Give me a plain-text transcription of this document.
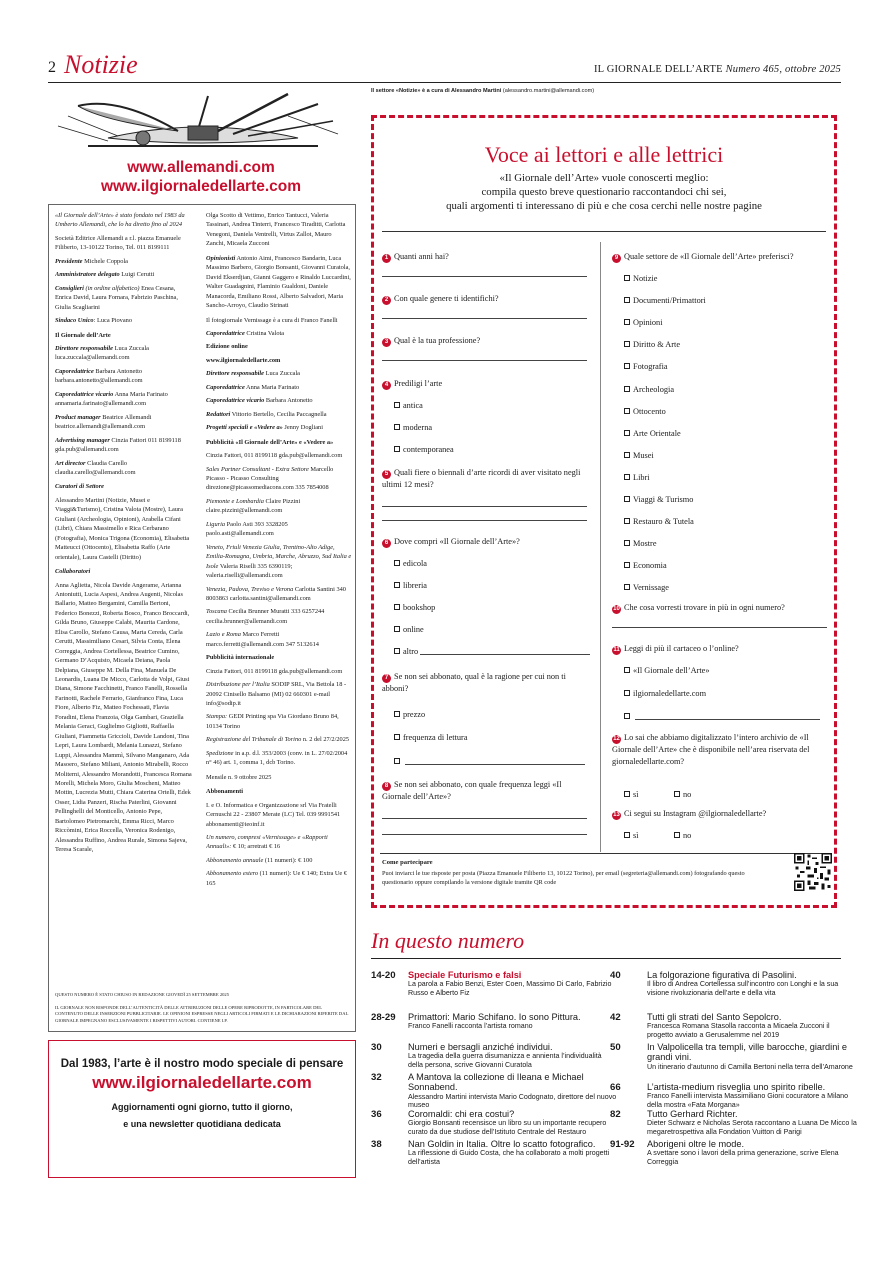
2 Notizie	IL GIORNALE DELL’ARTE Numero 465, ottobre 2025
Il settore «Notizie» è a cura di Alessandro Martini (alessandro.martini@allemandi.com)
www.allemandi.com
www.ilgiornaledellarte.com

«Il Giornale dell’Arte» è stato fondato nel 1983 da Umberto Allemandi, che lo ha diretto fino al 2024

Società Editrice Allemandi a r.l. piazza Emanuele Filiberto, 13-10122 Torino, Tel. 011 8199111

Presidente Michele Coppola

Amministratore delegato Luigi Cerutti

Consiglieri (in ordine alfabetico) Enea Cesana, Enrica David, Laura Fornara, Fabrizio Paschina, Giulia Scagliarini

Sindaco Unico: Luca Piovano

Il Giornale dell’Arte

Direttore responsabile Luca Zuccala luca.zuccala@allemandi.com

Caporedattrice Barbara Antonetto barbara.antonetto@allemandi.com

Caporedattrice vicario Anna Maria Farinato annamaria.farinato@allemandi.com

Product manager Beatrice Allemandi beatrice.allemandi@allemandi.com

Advertising manager Cinzia Fattori 011 8199118 gda.pub@allemandi.com

Art director Claudia Carello claudia.carello@allemandi.com

Curatori di Settore

Alessandro Martini (Notizie, Musei e Viaggi&Turismo), Cristina Valota (Mostre), Laura Giuliani (Archeologia, Opinioni), Arabella Cifani (Libri), Chiara Massimello e Rica Cerbarano (Fotografia), Monica Trigona (Economia), Elisabetta Matteucci (Ottocento), Elisabetta Raffo (Arte orientale), Laura Castelli (Diritto)

Collaboratori

Anna Aglietta, Nicola Davide Angerame, Arianna Antoniutti, Lucia Aspesi, Andrea Augenti, Nicolas Ballario, Matteo Bergamini, Camilla Bertoni, Federico Bonezzi, Roberta Bosco, Franco Broccardi, Gilda Bruno, Giuseppe Calabi, Maurita Cardone, Elisa Carollo, Stefano Causa, Marta Cereda, Carla Cerutti, Massimiliano Cesari, Silvia Conta, Elena Correggia, Andrea Cortellessa, Beatrice Cumino, Germano D’Acquisto, Micaela Deiana, Paola Delpiana, Giuseppe M. Della Fina, Manuela De Leonardis, Luana De Micco, Carlotta de Volpi, Giusi Diana, Simone Facchinetti, Franco Fanelli, Rossella Farinotti, Rachele Ferrario, Gianfranco Fina, Luca Fiore, Alberto Fiz, Matteo Fochessati, Flavia Foradini, Elena Franzoia, Olga Gambari, Graziella Melania Geraci, Guglielmo Gigliotti, Raffaella Giuliani, Fiammetta Griccioli, Davide Landoni, Tina Lepri, Laura Lombardi, Melania Lunazzi, Stefano Luppi, Alessandra Mammì, Silvano Manganaro, Ada Masoero, Stefano Miliani, Antonio Mirabelli, Rocco Moliterni, Alessandro Morandotti, Francesca Romana Morelli, Michela Moro, Giulia Moscheni, Matteo Mottin, Lucrezia Mutti, Chiara Caterina Ortelli, Edek Osser, Lidia Panzeri, Rischa Paterlini, Giovanni Pellinghelli del Monticello, Antonio Pepe, Bartolomeo Pietromarchi, Emma Ricci, Marco Riccòmini, Erica Roccella, Veronica Rodenigo, Alessandra Ruffino, Andrea Rurale, Simona Sajeva, Teresa Scarale,

Olga Scotto di Vettimo, Enrico Tantucci, Valeria Tassinari, Andrea Tinterri, Francesco Tiraditti, Carlotta Venegoni, Daniela Ventrelli, Virtus Zallot, Mauro Zanchi, Micaela Zucconi

Opinionisti Antonio Aimi, Francesco Bandarin, Luca Massimo Barbero, Giorgio Bonsanti, Giovanni Curatola, David Ekserdjian, Gianni Gaggero e Rinaldo Luccardini, Walter Guadagnini, Flaminio Gualdoni, Daniele Manacorda, Emiliano Rossi, Alberto Salvadori, Maria Sancho-Arroyo, Claudio Strinati

Il fotogiornale Vernissage è a cura di Franco Fanelli

Caporedattrice Cristina Valota

Edizione online

www.ilgiornaledellarte.com

Direttore responsabile Luca Zuccala

Caporedattrice Anna Maria Farinato

Caporedattrice vicario Barbara Antonetto

Redattori Vittorio Bertello, Cecilia Paccagnella

Progetti speciali e «Vedere a» Jenny Dogliani

Pubblicità «Il Giornale dell’Arte» e «Vedere a»

Cinzia Fattori, 011 8199118 gda.pub@allemandi.com

Sales Partner Consultant - Extra Settore Marcello Picasso - Picasso Consulting direzione@picassomediacons.com 335 7854008

Piemonte e Lombardia Claire Pizzini claire.pizzini@allemandi.com

Liguria Paolo Asti 393 3328205 paolo.asti@allemandi.com

Veneto, Friuli Venezia Giulia, Trentino-Alto Adige, Emilia-Romagna, Umbria, Marche, Abruzzo, Sud Italia e Isole Valeria Riselli 335 6390119; valeria.riselli@allemandi.com

Venezia, Padova, Treviso e Verona Carlotta Santini 340 8003863 carlotta.santini@allemandi.com

Toscana Cecilia Brunner Muratti 333 6257244 cecilia.brunner@allemandi.com

Lazio e Roma Marco Ferretti marco.ferretti@allemandi.com 347 5132614

Pubblicità internazionale

Cinzia Fattori, 011 8199118 gda.pub@allemandi.com

Distribuzione per l’Italia SODIP SRL, Via Bettola 18 - 20092 Cinisello Balsamo (MI) 02 660301 e-mail info@sodip.it

Stampa: GEDI Printing spa Via Giordano Bruno 84, 10134 Torino

Registrazione del Tribunale di Torino n. 2 del 27/2/2025

Spedizione in a.p. d.l. 353/2003 (conv. in L. 27/02/2004 n° 46) art. 1, comma 1, dcb Torino.

Mensile n. 9 ottobre 2025

Abbonamenti

I. e O. Informatica e Organizzazione srl Via Fratelli Cernuschi 22 - 23807 Merate (LC) Tel. 039 9991541 abbonamenti@ieoinf.it

Un numero, compresi «Vernissage» e «Rapporti Annuali»: € 10; arretrati € 16

Abbonamento annuale (11 numeri): € 100

Abbonamento estero (11 numeri): Ue € 140; Extra Ue € 165

QUESTO NUMERO È STATO CHIUSO IN REDAZIONE GIOVEDÌ 25 SETTEMBRE 2025
IL GIORNALE NON RISPONDE DELL’AUTENTICITÀ DELLE ATTRIBUZIONI DELLE OPERE RIPRODOTTE, IN PARTICOLARE DEL CONTENUTO DELLE INSERZIONI PUBBLICITARIE. LE OPINIONI ESPRESSE NEGLI ARTICOLI FIRMATI E LE DICHIARAZIONI RIFERITE DAL GIORNALE IMPEGNANO ESCLUSIVAMENTE I RISPETTIVI AUTORI. CONTIENE I.P.
Dal 1983, l’arte è il nostro modo speciale di pensare
www.ilgiornaledellarte.com
Aggiornamenti ogni giorno, tutto il giorno,
e una newsletter quotidiana dedicata
Voce ai lettori e alle lettrici
«Il Giornale dell’Arte» vuole conoscerti meglio:
compila questo breve questionario raccontandoci chi sei,
quali argomenti ti interessano di più e che cosa cerchi nelle nostre pagine
1 Quanti anni hai?
2 Con quale genere ti identifichi?
3 Qual è la tua professione?
4 Prediligi l’arte
antica
moderna
contemporanea
5 Quali fiere o biennali d’arte ricordi di aver visitato negli ultimi 12 mesi?
6 Dove compri «Il Giornale dell’Arte»?
edicola
libreria
bookshop
online
altro
7 Se non sei abbonato, qual è la ragione per cui non ti abboni?
prezzo
frequenza di lettura
8 Se non sei abbonato, con quale frequenza leggi «Il Giornale dell’Arte»?
9 Quale settore de «Il Giornale dell’Arte» preferisci?
Notizie
Documenti/Primattori
Opinioni
Diritto & Arte
Fotografia
Archeologia
Ottocento
Arte Orientale
Musei
Libri
Viaggi & Turismo
Restauro & Tutela
Mostre
Economia
Vernissage
10 Che cosa vorresti trovare in più in ogni numero?
11 Leggi di più il cartaceo o l’online?
«Il Giornale dell’Arte»
ilgiornaledellarte.com
12 Lo sai che abbiamo digitalizzato l’intero archivio de «Il Giornale dell’Arte» che è disponibile nell’area riservata del giornaledellarte.com?
sì	no
13 Ci segui su Instagram @ilgiornaledellarte?
sì	no
Come partecipare
Puoi inviarci le tue risposte per posta (Piazza Emanuele Filiberto 13, 10122 Torino), per email (segreteria@allemandi.com) fotografando questo questionario oppure compilando la versione digitale tramite QR code
In questo numero
14-20 Speciale Futurismo e falsi
La parola a Fabio Benzi, Ester Coen, Massimo Di Carlo, Fabrizio Russo e Alberto Fiz
28-29 Primattori: Mario Schifano. Io sono Pittura.
Franco Fanelli racconta l’artista romano
30	Numeri e bersagli anziché individui.
La tragedia della guerra disumanizza e annienta l’individualità della persona, scrive Giovanni Curatola
32	A Mantova la collezione di Ileana e Michael Sonnabend.
Alessandro Martini intervista Mario Codognato, direttore del nuovo museo
36	Coromaldi: chi era costui?
Giorgio Bonsanti recensisce un libro su un importante recupero curato da due studiose dell’Istituto Centrale del Restauro
38	Nan Goldin in Italia. Oltre lo scatto fotografico.
La riflessione di Guido Costa, che ha collaborato a molti progetti dell’artista
40	La folgorazione figurativa di Pasolini.
Il libro di Andrea Cortellessa sull’incontro con Longhi e la sua visione rivoluzionaria dell’arte e della vita
42	Tutti gli strati del Santo Sepolcro.
Francesca Romana Stasolla racconta a Micaela Zucconi il progetto avviato a Gerusalemme nel 2019
50	In Valpolicella tra templi, ville barocche, giardini e grandi vini.
Un itinerario d’autunno di Camilla Bertoni nella terra dell’Amarone
66	L’artista-medium risveglia uno spirito ribelle.
Franco Fanelli intervista Massimiliano Gioni cocuratore a Milano della mostra «Fata Morgana»
82	Tutto Gerhard Richter.
Dieter Schwarz e Nicholas Serota raccontano a Luana De Micco la megaretrospettiva alla Fondation Vuitton di Parigi
91-92 Aborigeni oltre le mode.
A svettare sono i lavori della prima generazione, scrive Elena Correggia
